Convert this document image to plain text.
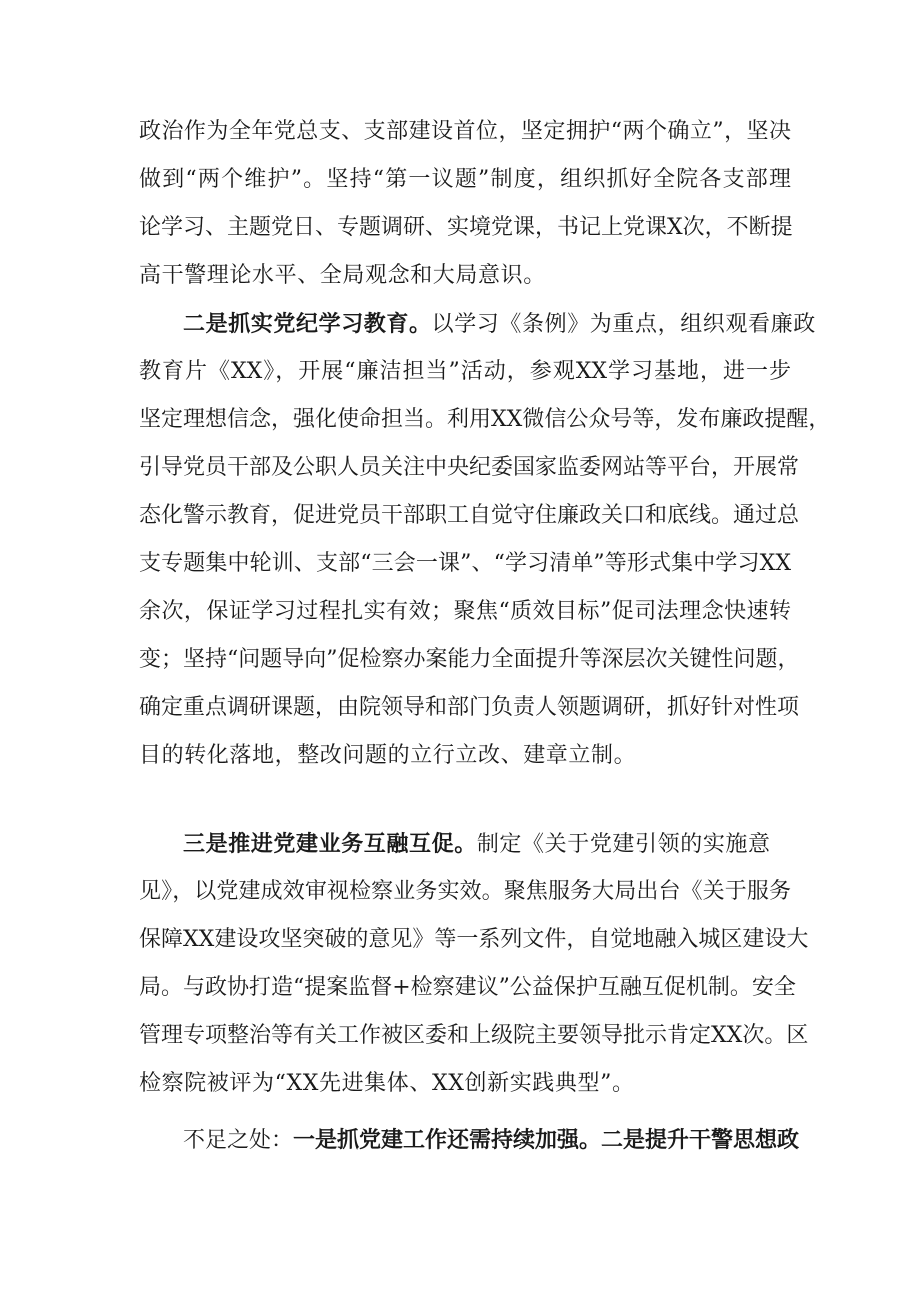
政治作为全年党总支、支部建设首位，坚定拥护“两个确立”，坚决
做到“两个维护”。坚持“第一议题”制度，组织抓好全院各支部理
论学习、主题党日、专题调研、实境党课，书记上党课X次，不断提
高干警理论水平、全局观念和大局意识。
二是抓实党纪学习教育。以学习《条例》为重点，组织观看廉政
教育片《XX》，开展“廉洁担当”活动，参观XX学习基地，进一步
坚定理想信念，强化使命担当。利用XX微信公众号等，发布廉政提醒，
引导党员干部及公职人员关注中央纪委国家监委网站等平台，开展常
态化警示教育，促进党员干部职工自觉守住廉政关口和底线。通过总
支专题集中轮训、支部“三会一课”、“学习清单”等形式集中学习XX
余次，保证学习过程扎实有效；聚焦“质效目标”促司法理念快速转
变；坚持“问题导向”促检察办案能力全面提升等深层次关键性问题，
确定重点调研课题，由院领导和部门负责人领题调研，抓好针对性项
目的转化落地，整改问题的立行立改、建章立制。
三是推进党建业务互融互促。制定《关于党建引领的实施意
见》，以党建成效审视检察业务实效。聚焦服务大局出台《关于服务
保障XX建设攻坚突破的意见》等一系列文件，自觉地融入城区建设大
局。与政协打造“提案监督+检察建议”公益保护互融互促机制。安全
管理专项整治等有关工作被区委和上级院主要领导批示肯定XX次。区
检察院被评为“XX先进集体、XX创新实践典型”。
不足之处：一是抓党建工作还需持续加强。二是提升干警思想政
